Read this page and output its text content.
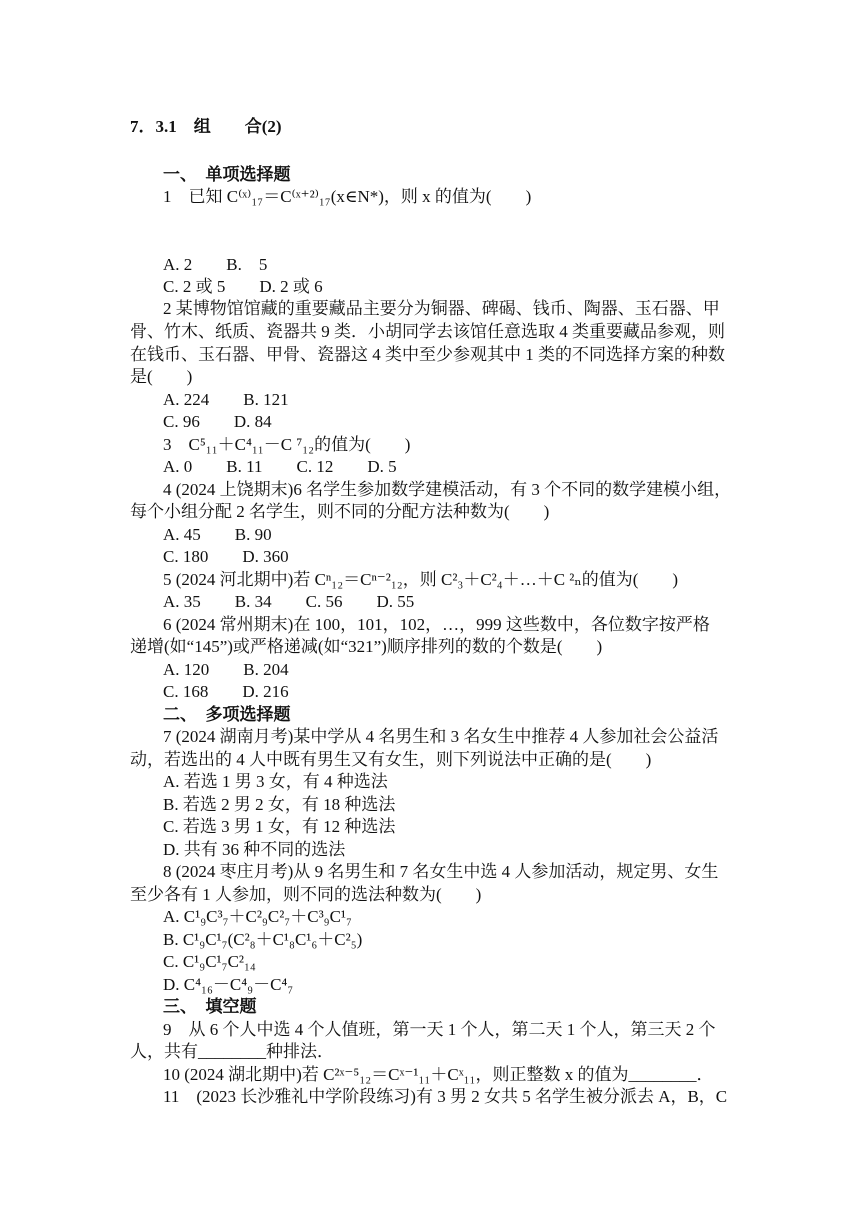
7．3.1　组　　合(2)
一、　单项选择题
1　已知 C⁽ˣ⁾₁₇＝C⁽ˣ⁺²⁾₁₇(x∈N*)，则 x 的值为(　　)
A. 2　　B.　5
C. 2 或 5　　D. 2 或 6
2 某博物馆馆藏的重要藏品主要分为铜器、碑碣、钱币、陶器、玉石器、甲
骨、竹木、纸质、瓷器共 9 类．小胡同学去该馆任意选取 4 类重要藏品参观，则
在钱币、玉石器、甲骨、瓷器这 4 类中至少参观其中 1 类的不同选择方案的种数
是(　　)
A. 224　　B. 121
C. 96　　D. 84
3　C⁵₁₁＋C⁴₁₁－C ⁷₁₂的值为(　　)
A. 0　　B. 11　　C. 12　　D. 5
4 (2024 上饶期末)6 名学生参加数学建模活动，有 3 个不同的数学建模小组，
每个小组分配 2 名学生，则不同的分配方法种数为(　　)
A. 45　　B. 90
C. 180　　D. 360
5 (2024 河北期中)若 Cⁿ₁₂＝Cⁿ⁻²₁₂，则 C²₃＋C²₄＋…＋C ²ₙ的值为(　　)
A. 35　　B. 34　　C. 56　　D. 55
6 (2024 常州期末)在 100，101，102，…，999 这些数中，各位数字按严格
递增(如“145”)或严格递减(如“321”)顺序排列的数的个数是(　　)
A. 120　　B. 204
C. 168　　D. 216
二、　多项选择题
7 (2024 湖南月考)某中学从 4 名男生和 3 名女生中推荐 4 人参加社会公益活
动，若选出的 4 人中既有男生又有女生，则下列说法中正确的是(　　)
A. 若选 1 男 3 女，有 4 种选法
B. 若选 2 男 2 女，有 18 种选法
C. 若选 3 男 1 女，有 12 种选法
D. 共有 36 种不同的选法
8 (2024 枣庄月考)从 9 名男生和 7 名女生中选 4 人参加活动，规定男、女生
至少各有 1 人参加，则不同的选法种数为(　　)
A. C¹₉C³₇＋C²₉C²₇＋C³₉C¹₇
B. C¹₉C¹₇(C²₈＋C¹₈C¹₆＋C²₅)
C. C¹₉C¹₇C²₁₄
D. C⁴₁₆－C⁴₉－C⁴₇
三、　填空题
9　从 6 个人中选 4 个人值班，第一天 1 个人，第二天 1 个人，第三天 2 个
人，共有________种排法．
10 (2024 湖北期中)若 C²ˣ⁻⁵₁₂＝Cˣ⁻¹₁₁＋Cˣ₁₁，则正整数 x 的值为________．
11　(2023 长沙雅礼中学阶段练习)有 3 男 2 女共 5 名学生被分派去 A，B，C
